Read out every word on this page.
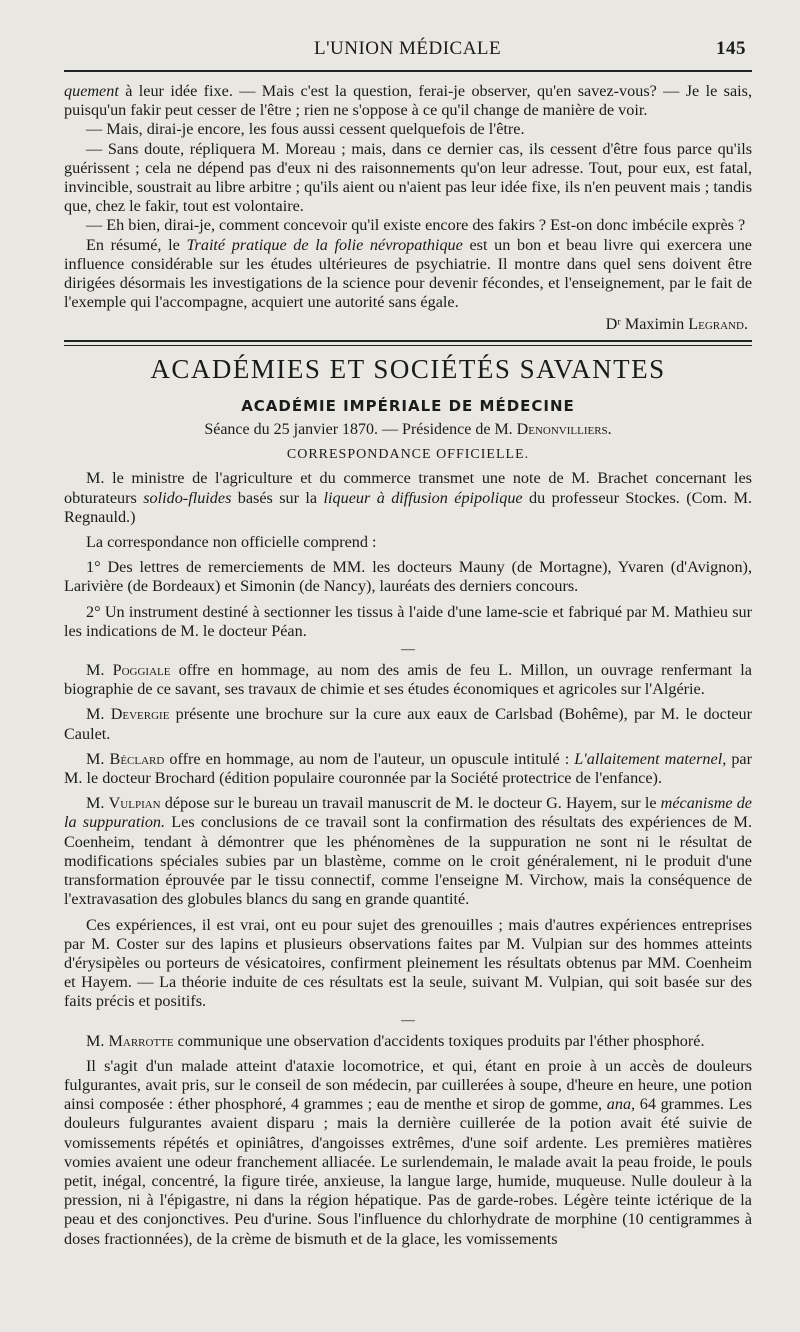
L'UNION MÉDICALE	145

quement à leur idée fixe. — Mais c'est la question, ferai-je observer, qu'en savez-vous? — Je le sais, puisqu'un fakir peut cesser de l'être ; rien ne s'oppose à ce qu'il change de manière de voir.

— Mais, dirai-je encore, les fous aussi cessent quelquefois de l'être.

— Sans doute, répliquera M. Moreau ; mais, dans ce dernier cas, ils cessent d'être fous parce qu'ils guérissent ; cela ne dépend pas d'eux ni des raisonnements qu'on leur adresse. Tout, pour eux, est fatal, invincible, soustrait au libre arbitre ; qu'ils aient ou n'aient pas leur idée fixe, ils n'en peuvent mais ; tandis que, chez le fakir, tout est volontaire.

— Eh bien, dirai-je, comment concevoir qu'il existe encore des fakirs ? Est-on donc imbécile exprès ?

En résumé, le Traité pratique de la folie névropathique est un bon et beau livre qui exercera une influence considérable sur les études ultérieures de psychiatrie. Il montre dans quel sens doivent être dirigées désormais les investigations de la science pour devenir fécondes, et l'enseignement, par le fait de l'exemple qui l'accompagne, acquiert une autorité sans égale.

Dʳ Maximin Legrand.
ACADÉMIES ET SOCIÉTÉS SAVANTES
ACADÉMIE IMPÉRIALE DE MÉDECINE
Séance du 25 janvier 1870. — Présidence de M. Denonvilliers.
CORRESPONDANCE OFFICIELLE.

M. le ministre de l'agriculture et du commerce transmet une note de M. Brachet concernant les obturateurs solido-fluides basés sur la liqueur à diffusion épipolique du professeur Stockes. (Com. M. Regnauld.)

La correspondance non officielle comprend :

1° Des lettres de remerciements de MM. les docteurs Mauny (de Mortagne), Yvaren (d'Avignon), Larivière (de Bordeaux) et Simonin (de Nancy), lauréats des derniers concours.

2° Un instrument destiné à sectionner les tissus à l'aide d'une lame-scie et fabriqué par M. Mathieu sur les indications de M. le docteur Péan.

—

M. Poggiale offre en hommage, au nom des amis de feu L. Millon, un ouvrage renfermant la biographie de ce savant, ses travaux de chimie et ses études économiques et agricoles sur l'Algérie.

M. Devergie présente une brochure sur la cure aux eaux de Carlsbad (Bohême), par M. le docteur Caulet.

M. Béclard offre en hommage, au nom de l'auteur, un opuscule intitulé : L'allaitement maternel, par M. le docteur Brochard (édition populaire couronnée par la Société protectrice de l'enfance).

M. Vulpian dépose sur le bureau un travail manuscrit de M. le docteur G. Hayem, sur le mécanisme de la suppuration. Les conclusions de ce travail sont la confirmation des résultats des expériences de M. Coenheim, tendant à démontrer que les phénomènes de la suppuration ne sont ni le résultat de modifications spéciales subies par un blastème, comme on le croit généralement, ni le produit d'une transformation éprouvée par le tissu connectif, comme l'enseigne M. Virchow, mais la conséquence de l'extravasation des globules blancs du sang en grande quantité.

Ces expériences, il est vrai, ont eu pour sujet des grenouilles ; mais d'autres expériences entreprises par M. Coster sur des lapins et plusieurs observations faites par M. Vulpian sur des hommes atteints d'érysipèles ou porteurs de vésicatoires, confirment pleinement les résultats obtenus par MM. Coenheim et Hayem. — La théorie induite de ces résultats est la seule, suivant M. Vulpian, qui soit basée sur des faits précis et positifs.

—

M. Marrotte communique une observation d'accidents toxiques produits par l'éther phosphoré.

Il s'agit d'un malade atteint d'ataxie locomotrice, et qui, étant en proie à un accès de douleurs fulgurantes, avait pris, sur le conseil de son médecin, par cuillerées à soupe, d'heure en heure, une potion ainsi composée : éther phosphoré, 4 grammes ; eau de menthe et sirop de gomme, ana, 64 grammes. Les douleurs fulgurantes avaient disparu ; mais la dernière cuillerée de la potion avait été suivie de vomissements répétés et opiniâtres, d'angoisses extrêmes, d'une soif ardente. Les premières matières vomies avaient une odeur franchement alliacée. Le surlendemain, le malade avait la peau froide, le pouls petit, inégal, concentré, la figure tirée, anxieuse, la langue large, humide, muqueuse. Nulle douleur à la pression, ni à l'épigastre, ni dans la région hépatique. Pas de garde-robes. Légère teinte ictérique de la peau et des conjonctives. Peu d'urine. Sous l'influence du chlorhydrate de morphine (10 centigrammes à doses fractionnées), de la crème de bismuth et de la glace, les vomissements
